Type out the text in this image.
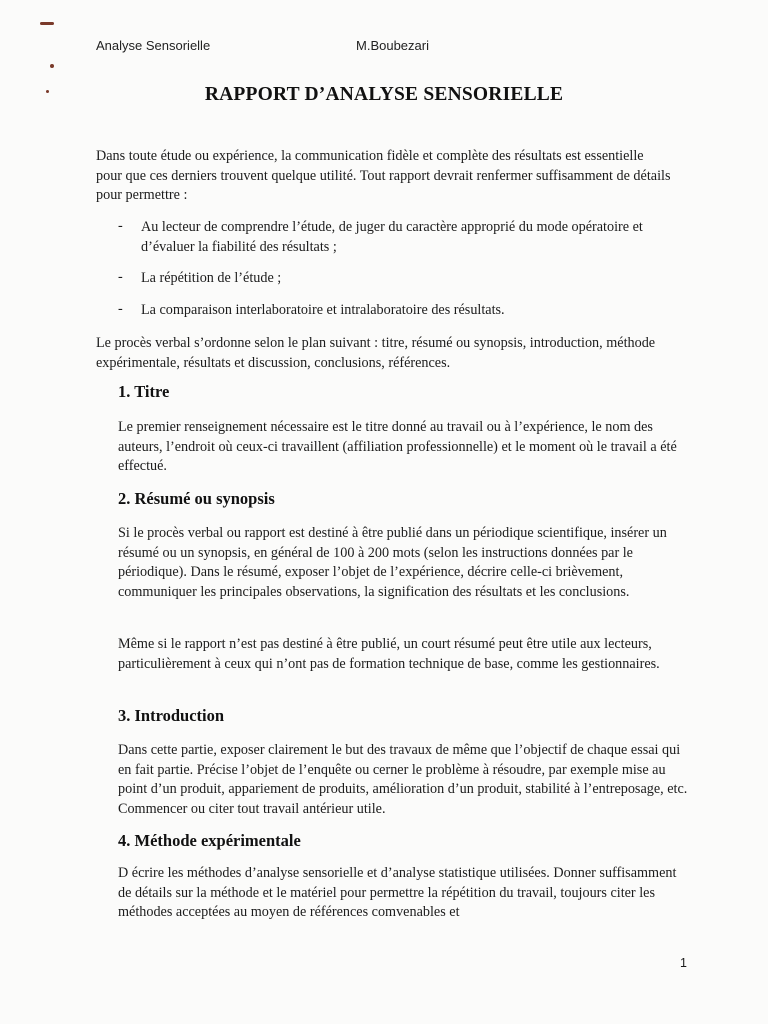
Analyse Sensorielle	M.Boubezari
RAPPORT D’ANALYSE SENSORIELLE
Dans toute étude ou expérience, la communication fidèle et complète des résultats est essentielle pour que ces derniers trouvent quelque utilité. Tout rapport devrait renfermer suffisamment de détails pour permettre :
- Au lecteur de comprendre l’étude, de juger du caractère approprié du mode opératoire et d’évaluer la fiabilité des résultats ;
- La répétition de l’étude ;
- La comparaison interlaboratoire et intralaboratoire des résultats.
Le procès verbal s’ordonne selon le plan suivant : titre, résumé ou synopsis, introduction, méthode expérimentale, résultats et discussion, conclusions, références.
1. Titre
Le premier renseignement nécessaire est le titre donné au travail ou à l’expérience, le nom des auteurs, l’endroit où ceux-ci travaillent (affiliation professionnelle) et le moment où le travail a été effectué.
2. Résumé ou synopsis
Si le procès verbal ou rapport est destiné à être publié dans un périodique scientifique, insérer un résumé ou un synopsis, en général de 100 à 200 mots (selon les instructions données par le périodique). Dans le résumé, exposer l’objet de l’expérience, décrire celle-ci brièvement, communiquer les principales observations, la signification des résultats et les conclusions.
Même si le rapport n’est pas destiné à être publié, un court résumé peut être utile aux lecteurs, particulièrement à ceux qui n’ont pas de formation technique de base, comme les gestionnaires.
3. Introduction
Dans cette partie, exposer clairement le but des travaux de même que l’objectif de chaque essai qui en fait partie. Précise l’objet de l’enquête ou cerner le problème à résoudre, par exemple mise au point d’un produit, appariement de produits, amélioration d’un produit, stabilité à l’entreposage, etc. Commencer ou citer tout travail antérieur utile.
4. Méthode expérimentale
D écrire les méthodes d’analyse sensorielle et d’analyse statistique utilisées. Donner suffisamment de détails sur la méthode et le matériel pour permettre la répétition du travail, toujours citer les méthodes acceptées au moyen de références comvenables et
1
